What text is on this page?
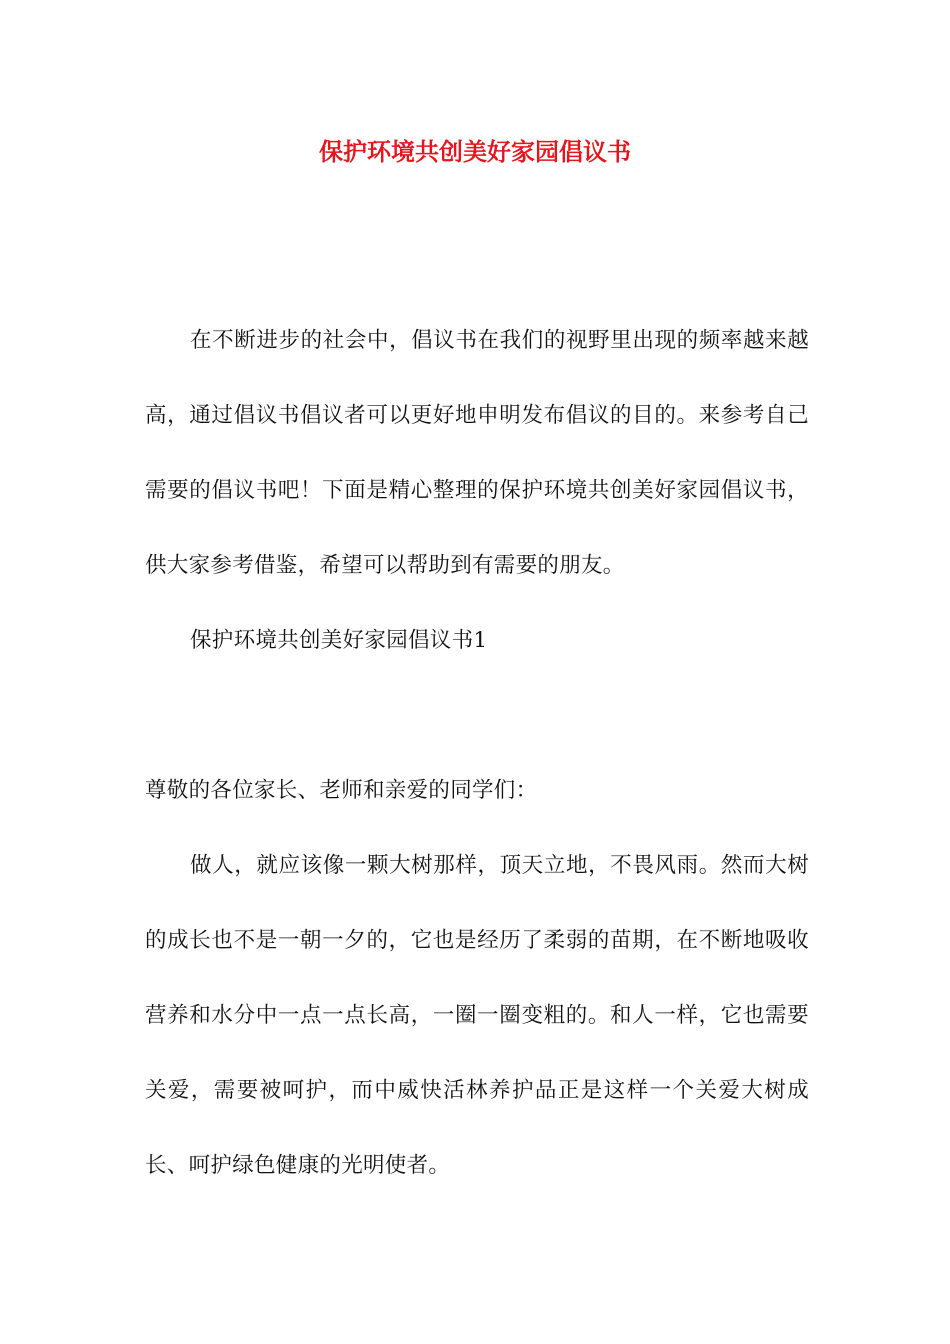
保护环境共创美好家园倡议书

在不断进步的社会中，倡议书在我们的视野里出现的频率越来越高，通过倡议书倡议者可以更好地申明发布倡议的目的。来参考自己需要的倡议书吧！下面是精心整理的保护环境共创美好家园倡议书，供大家参考借鉴，希望可以帮助到有需要的朋友。

保护环境共创美好家园倡议书1

尊敬的各位家长、老师和亲爱的同学们：

做人，就应该像一颗大树那样，顶天立地，不畏风雨。然而大树的成长也不是一朝一夕的，它也是经历了柔弱的苗期，在不断地吸收营养和水分中一点一点长高，一圈一圈变粗的。和人一样，它也需要关爱，需要被呵护，而中威快活林养护品正是这样一个关爱大树成长、呵护绿色健康的光明使者。
